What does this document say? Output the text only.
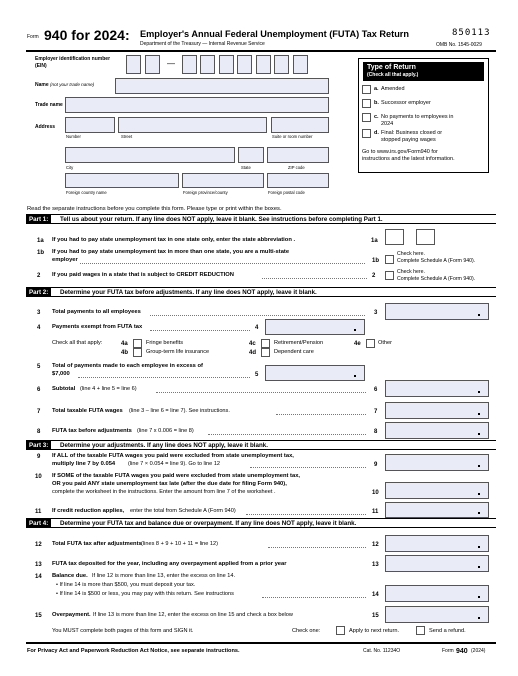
Form 940 for 2024: Employer's Annual Federal Unemployment (FUTA) Tax Return
Department of the Treasury — Internal Revenue Service
850113
OMB No. 1545-0029
Employer identification number
(EIN)	—
Name (not your trade name)
Trade name
Address
Number	Street	Suite or room number
City	State	ZIP code
Foreign country name	Foreign province/county	Foreign postal code
Type of Return
(Check all that apply.)
a. Amended
b. Successor employer
c. No payments to employees in
2024
d. Final: Business closed or
stopped paying wages
Go to www.irs.gov/Form940 for
instructions and the latest information.
Read the separate instructions before you complete this form. Please type or print within the boxes.
Part 1:	Tell us about your return. If any line does NOT apply, leave it blank. See instructions before completing Part 1.
1a If you had to pay state unemployment tax in one state only, enter the state abbreviation .	1a
1b If you had to pay state unemployment tax in more than one state, you are a multi-state
employer	1b
Check here.
Complete Schedule A (Form 940).
2 If you paid wages in a state that is subject to CREDIT REDUCTION	2
Check here.
Complete Schedule A (Form 940).
Part 2:	Determine your FUTA tax before adjustments. If any line does NOT apply, leave it blank.
3 Total payments to all employees	3
4 Payments exempt from FUTA tax	4
Check all that apply:	4a	Fringe benefits
4b	Group-term life insurance
4c	Retirement/Pension
4d	Dependent care
4e	Other
5 Total of payments made to each employee in excess of
$7,000	5
6 Subtotal (line 4 + line 5 = line 6)	6
7 Total taxable FUTA wages (line 3 – line 6 = line 7). See instructions.	7
8 FUTA tax before adjustments (line 7 x 0.006 = line 8)	8
Part 3:	Determine your adjustments. If any line does NOT apply, leave it blank.
9 If ALL of the taxable FUTA wages you paid were excluded from state unemployment tax,
multiply line 7 by 0.054 (line 7 × 0.054 = line 9). Go to line 12	9
10 If SOME of the taxable FUTA wages you paid were excluded from state unemployment tax,
OR you paid ANY state unemployment tax late (after the due date for filing Form 940),
complete the worksheet in the instructions. Enter the amount from line 7 of the worksheet .	10
11 If credit reduction applies, enter the total from Schedule A (Form 940)	11
Part 4:	Determine your FUTA tax and balance due or overpayment. If any line does NOT apply, leave it blank.
12 Total FUTA tax after adjustments (lines 8 + 9 + 10 + 11 = line 12)	12
13 FUTA tax deposited for the year, including any overpayment applied from a prior year	13
14 Balance due. If line 12 is more than line 13, enter the excess on line 14.
• If line 14 is more than $500, you must deposit your tax.
• If line 14 is $500 or less, you may pay with this return. See instructions	14
15 Overpayment. If line 13 is more than line 12, enter the excess on line 15 and check a box below	15
You MUST complete both pages of this form and SIGN it.	Check one:	Apply to next return.	Send a refund.
For Privacy Act and Paperwork Reduction Act Notice, see separate instructions.	Cat. No. 11234O	Form 940 (2024)
